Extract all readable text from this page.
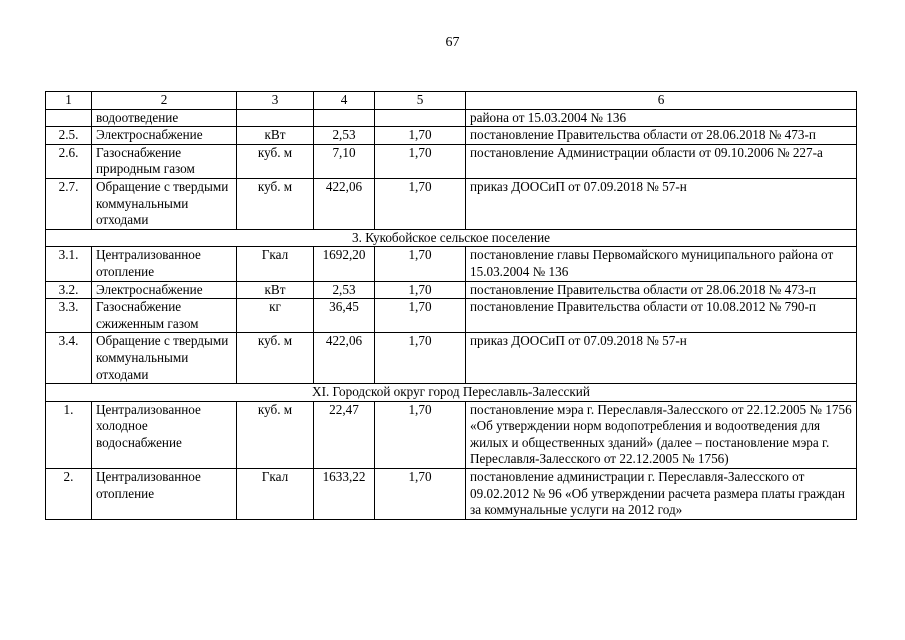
67
1	2	3	4	5	6
	водоотведение				района от 15.03.2004 № 136
2.5.	Электроснабжение	кВт	2,53	1,70	постановление Правительства области от 28.06.2018 № 473-п
2.6.	Газоснабжение природным газом	куб. м	7,10	1,70	постановление Администрации области от 09.10.2006 № 227-а
2.7.	Обращение с твердыми коммунальными отходами	куб. м	422,06	1,70	приказ ДООСиП от 07.09.2018 № 57-н
3. Кукобойское сельское поселение					
3.1.	Централизованное отопление	Гкал	1692,20	1,70	постановление главы Первомайского муниципального района от 15.03.2004 № 136
3.2.	Электроснабжение	кВт	2,53	1,70	постановление Правительства области от 28.06.2018 № 473-п
3.3.	Газоснабжение сжиженным газом	кг	36,45	1,70	постановление Правительства области от 10.08.2012 № 790-п
3.4.	Обращение с твердыми коммунальными отходами	куб. м	422,06	1,70	приказ ДООСиП от 07.09.2018 № 57-н
XI. Городской округ город Переславль-Залесский					
1.	Централизованное холодное водоснабжение	куб. м	22,47	1,70	постановление мэра г. Переславля-Залесского от 22.12.2005 № 1756 «Об утверждении норм водопотребления и водоотведения для жилых и общественных зданий» (далее – постановление мэра г. Переславля-Залесского от 22.12.2005 № 1756)
2.	Централизованное отопление	Гкал	1633,22	1,70	постановление администрации г. Переславля-Залесского от 09.02.2012 № 96 «Об утверждении расчета размера платы граждан за коммунальные услуги на 2012 год»
